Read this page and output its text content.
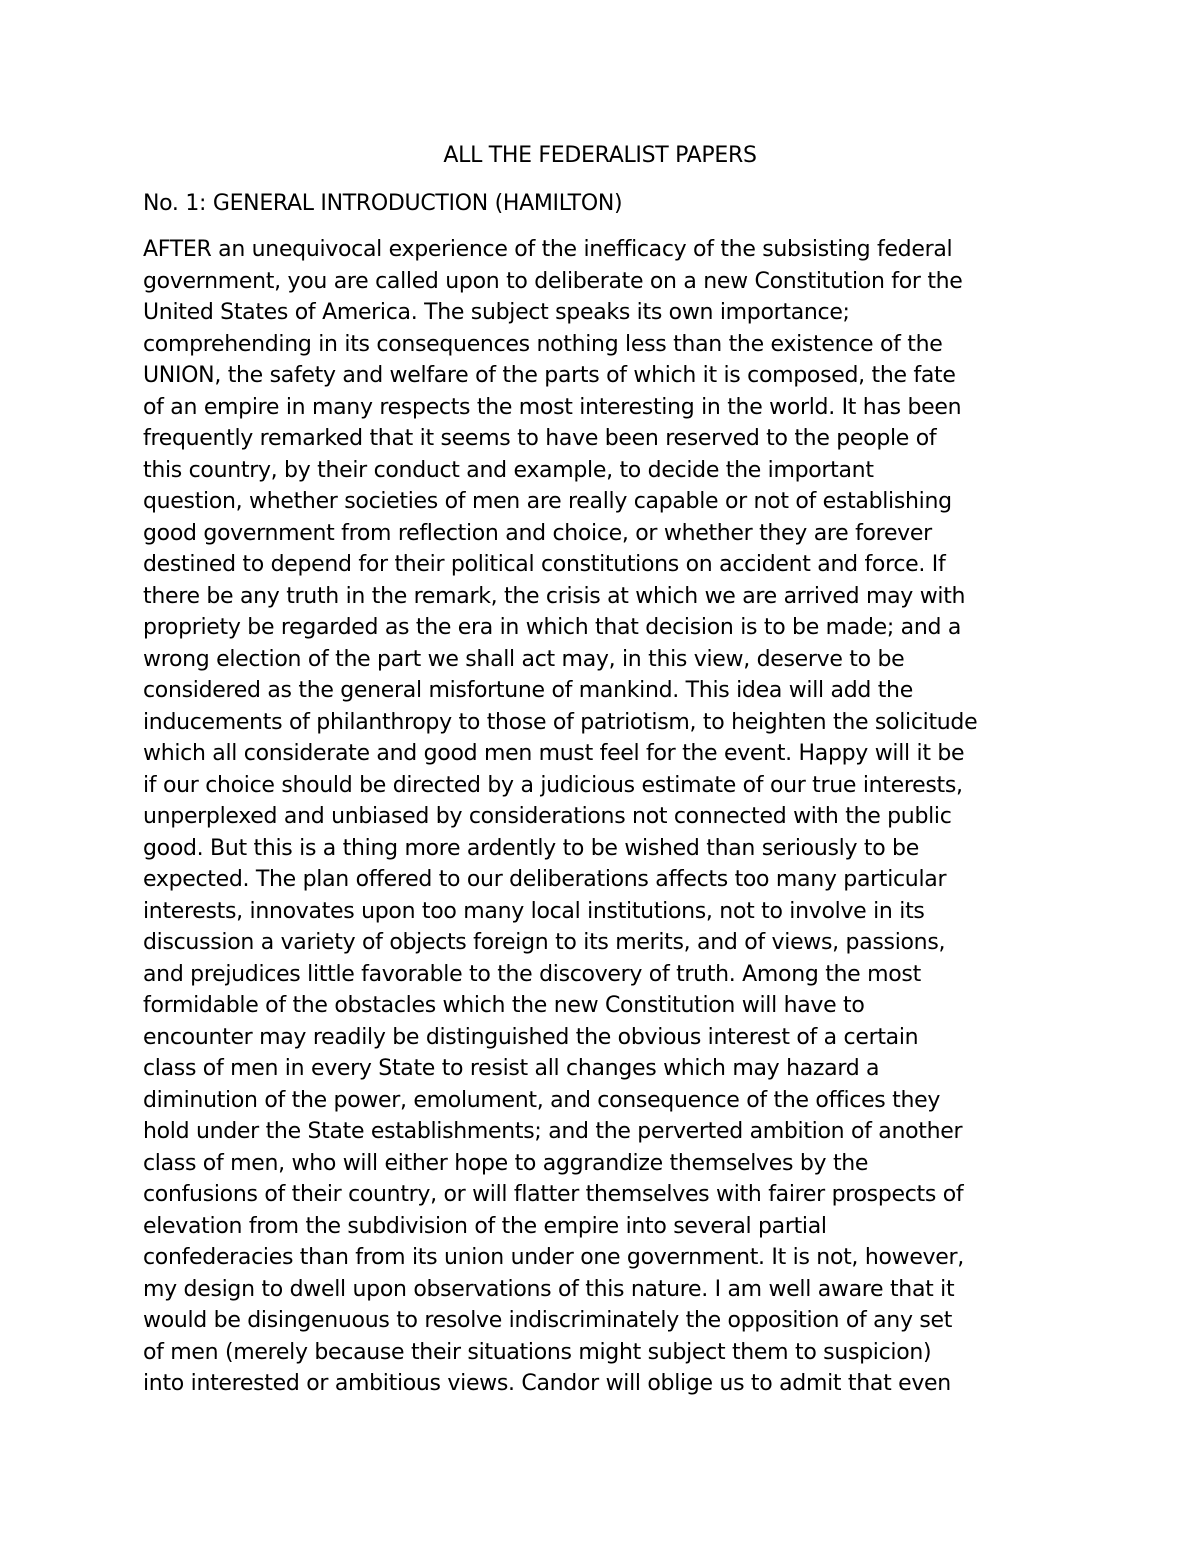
ALL THE FEDERALIST PAPERS
No. 1: GENERAL INTRODUCTION (HAMILTON)
AFTER an unequivocal experience of the inefficacy of the subsisting federal
government, you are called upon to deliberate on a new Constitution for the
United States of America. The subject speaks its own importance;
comprehending in its consequences nothing less than the existence of the
UNION, the safety and welfare of the parts of which it is composed, the fate
of an empire in many respects the most interesting in the world. It has been
frequently remarked that it seems to have been reserved to the people of
this country, by their conduct and example, to decide the important
question, whether societies of men are really capable or not of establishing
good government from reflection and choice, or whether they are forever
destined to depend for their political constitutions on accident and force. If
there be any truth in the remark, the crisis at which we are arrived may with
propriety be regarded as the era in which that decision is to be made; and a
wrong election of the part we shall act may, in this view, deserve to be
considered as the general misfortune of mankind. This idea will add the
inducements of philanthropy to those of patriotism, to heighten the solicitude
which all considerate and good men must feel for the event. Happy will it be
if our choice should be directed by a judicious estimate of our true interests,
unperplexed and unbiased by considerations not connected with the public
good. But this is a thing more ardently to be wished than seriously to be
expected. The plan offered to our deliberations affects too many particular
interests, innovates upon too many local institutions, not to involve in its
discussion a variety of objects foreign to its merits, and of views, passions,
and prejudices little favorable to the discovery of truth. Among the most
formidable of the obstacles which the new Constitution will have to
encounter may readily be distinguished the obvious interest of a certain
class of men in every State to resist all changes which may hazard a
diminution of the power, emolument, and consequence of the offices they
hold under the State establishments; and the perverted ambition of another
class of men, who will either hope to aggrandize themselves by the
confusions of their country, or will flatter themselves with fairer prospects of
elevation from the subdivision of the empire into several partial
confederacies than from its union under one government. It is not, however,
my design to dwell upon observations of this nature. I am well aware that it
would be disingenuous to resolve indiscriminately the opposition of any set
of men (merely because their situations might subject them to suspicion)
into interested or ambitious views. Candor will oblige us to admit that even
